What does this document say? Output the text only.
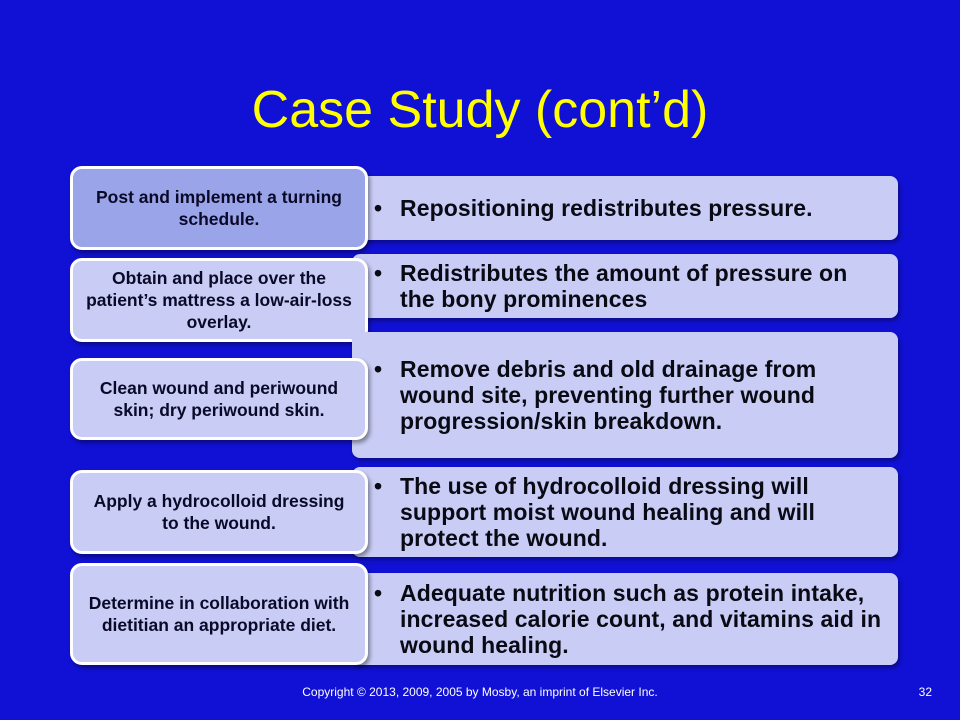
Case Study (cont’d)
• Repositioning redistributes pressure.
Post and implement a turning schedule.
• Redistributes the amount of pressure on the bony prominences
Obtain and place over the patient’s mattress a low-air-loss overlay.
• Remove debris and old drainage from wound site, preventing further wound progression/skin breakdown.
Clean wound and periwound skin; dry periwound skin.
• The use of hydrocolloid dressing will support moist wound healing and will protect the wound.
Apply a hydrocolloid dressing to the wound.
• Adequate nutrition such as protein intake, increased calorie count, and vitamins aid in wound healing.
Determine in collaboration with dietitian an appropriate diet.
Copyright © 2013, 2009, 2005 by Mosby, an imprint of Elsevier Inc.	32
